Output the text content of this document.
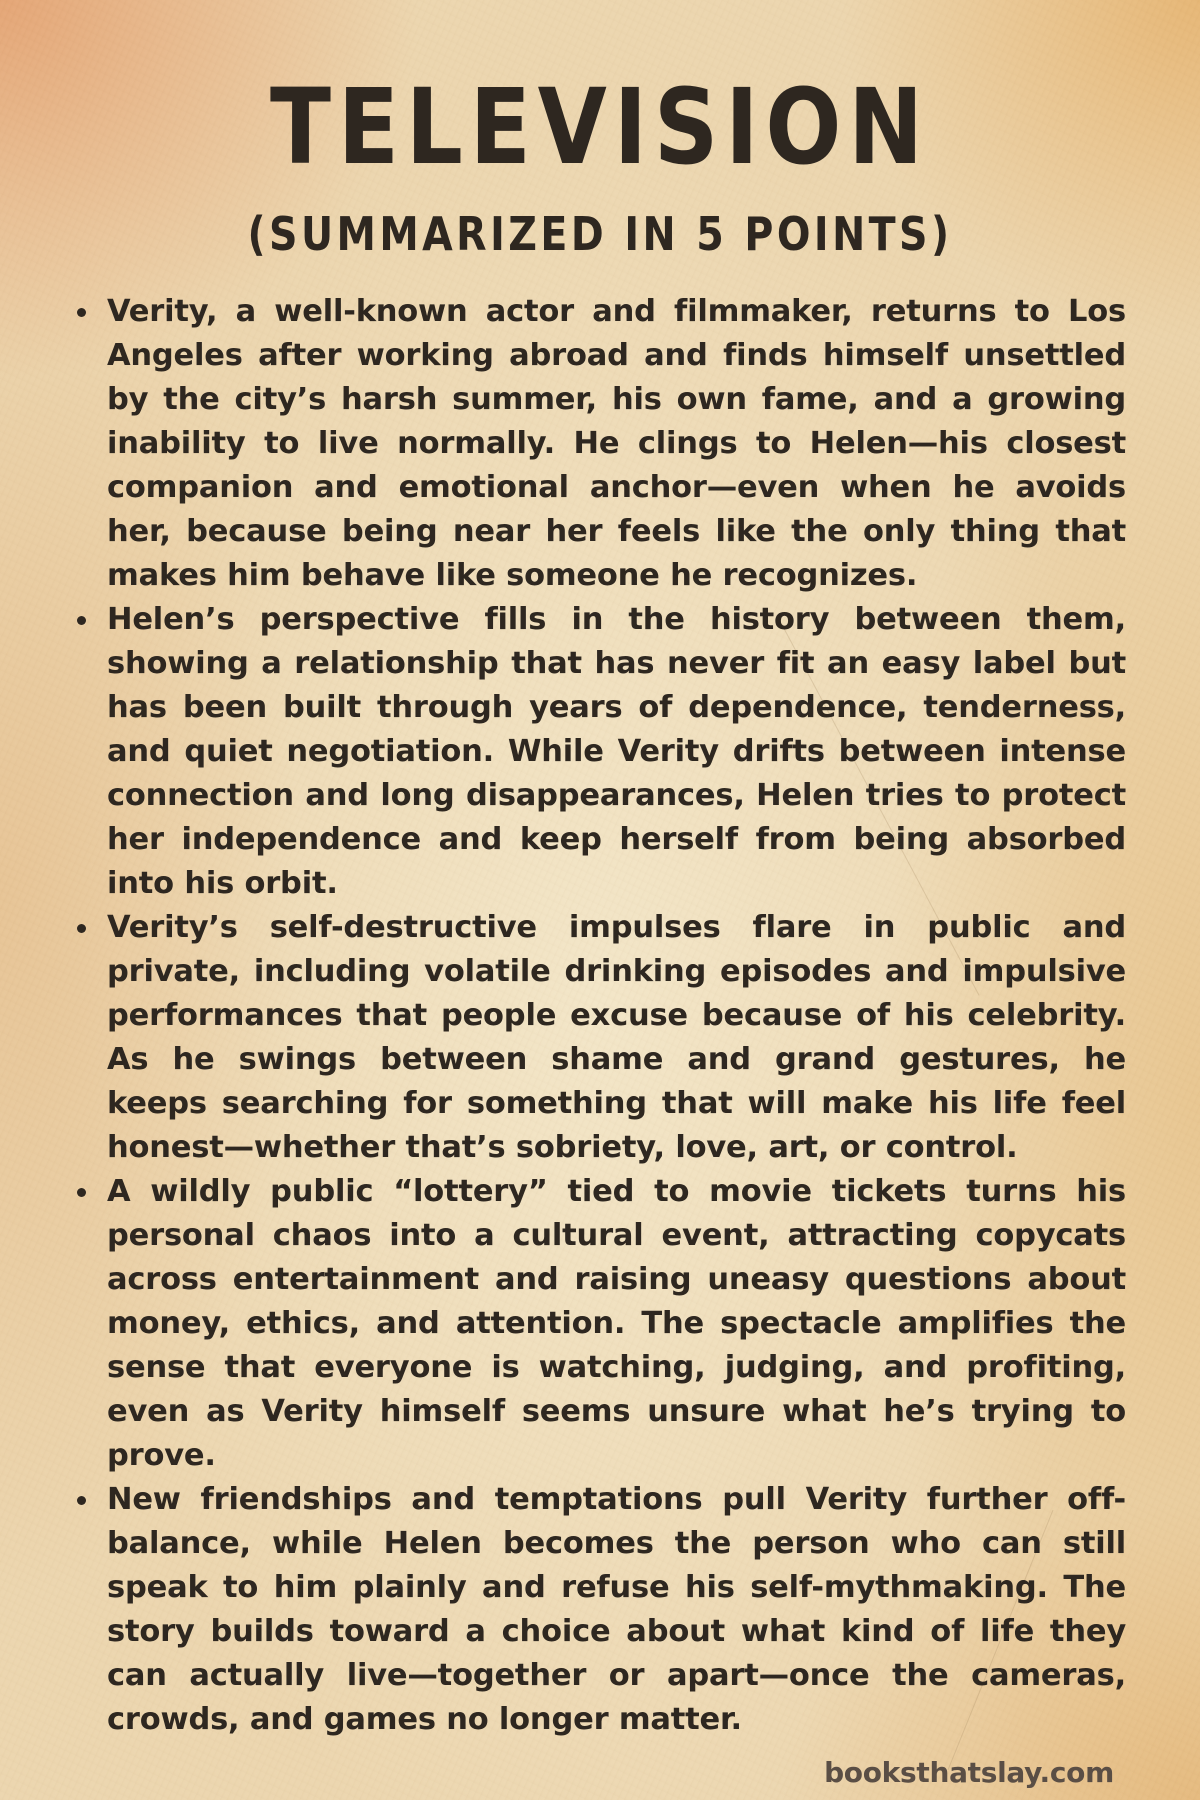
TELEVISION
(SUMMARIZED IN 5 POINTS)
Verity, a well-known actor and filmmaker, returns to Los Angeles after working abroad and finds himself unsettled by the city’s harsh summer, his own fame, and a growing inability to live normally. He clings to Helen—his closest companion and emotional anchor—even when he avoids her, because being near her feels like the only thing that makes him behave like someone he recognizes.
Helen’s perspective fills in the history between them, showing a relationship that has never fit an easy label but has been built through years of dependence, tenderness, and quiet negotiation. While Verity drifts between intense connection and long disappearances, Helen tries to protect her independence and keep herself from being absorbed into his orbit.
Verity’s self-destructive impulses flare in public and private, including volatile drinking episodes and impulsive performances that people excuse because of his celebrity. As he swings between shame and grand gestures, he keeps searching for something that will make his life feel honest—whether that’s sobriety, love, art, or control.
A wildly public “lottery” tied to movie tickets turns his personal chaos into a cultural event, attracting copycats across entertainment and raising uneasy questions about money, ethics, and attention. The spectacle amplifies the sense that everyone is watching, judging, and profiting, even as Verity himself seems unsure what he’s trying to prove.
New friendships and temptations pull Verity further off-balance, while Helen becomes the person who can still speak to him plainly and refuse his self-mythmaking. The story builds toward a choice about what kind of life they can actually live—together or apart—once the cameras, crowds, and games no longer matter.
booksthatslay.com
